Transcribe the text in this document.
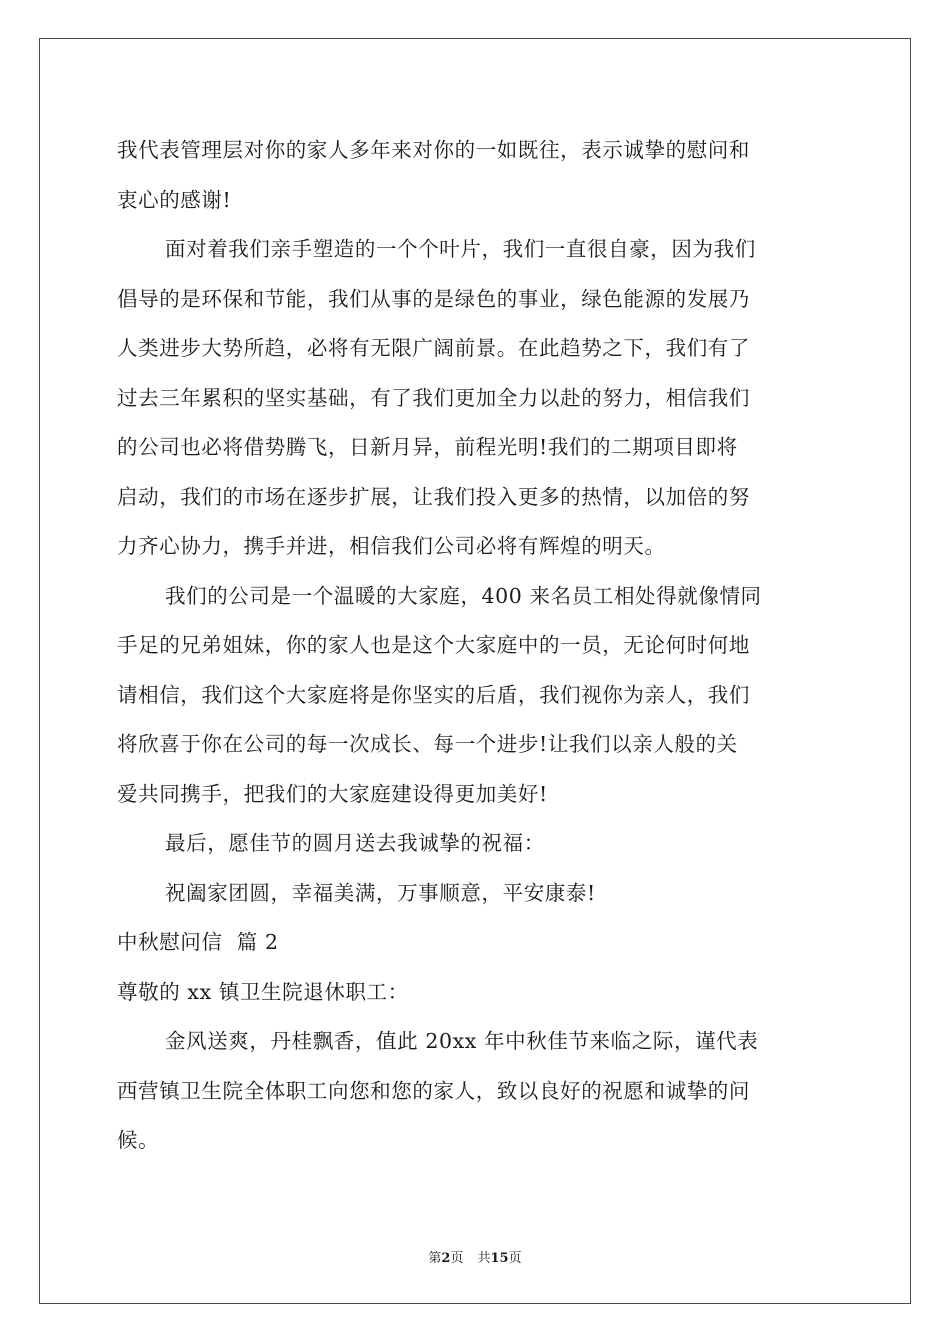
我代表管理层对你的家人多年来对你的一如既往，表示诚挚的慰问和
衷心的感谢!
面对着我们亲手塑造的一个个叶片，我们一直很自豪，因为我们
倡导的是环保和节能，我们从事的是绿色的事业，绿色能源的发展乃
人类进步大势所趋，必将有无限广阔前景。在此趋势之下，我们有了
过去三年累积的坚实基础，有了我们更加全力以赴的努力，相信我们
的公司也必将借势腾飞，日新月异，前程光明!我们的二期项目即将
启动，我们的市场在逐步扩展，让我们投入更多的热情，以加倍的努
力齐心协力，携手并进，相信我们公司必将有辉煌的明天。
我们的公司是一个温暖的大家庭，400 来名员工相处得就像情同
手足的兄弟姐妹，你的家人也是这个大家庭中的一员，无论何时何地
请相信，我们这个大家庭将是你坚实的后盾，我们视你为亲人，我们
将欣喜于你在公司的每一次成长、每一个进步!让我们以亲人般的关
爱共同携手，把我们的大家庭建设得更加美好!
最后，愿佳节的圆月送去我诚挚的祝福：
祝阖家团圆，幸福美满，万事顺意，平安康泰!
中秋慰问信  篇 2
尊敬的 xx 镇卫生院退休职工：
金风送爽，丹桂飘香，值此 20xx 年中秋佳节来临之际，谨代表
西营镇卫生院全体职工向您和您的家人，致以良好的祝愿和诚挚的问
候。
第2页 共15页
